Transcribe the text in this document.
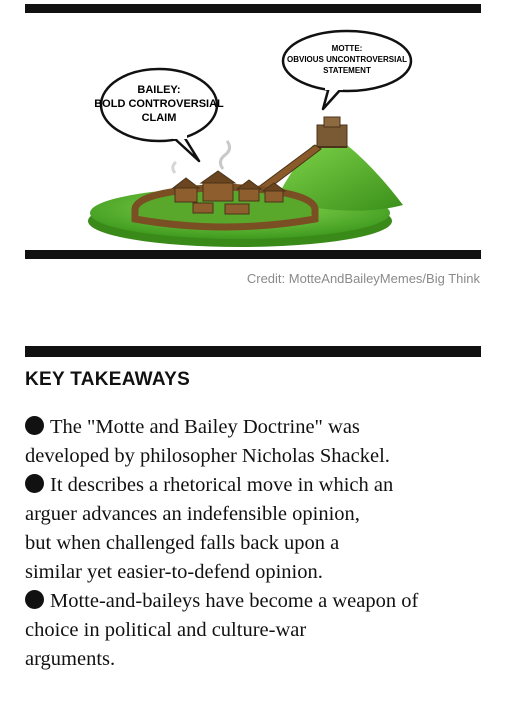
BAILEY:
BOLD CONTROVERSIAL
CLAIM
MOTTE:
OBVIOUS UNCONTROVERSIAL
STATEMENT
Credit: MotteAndBaileyMemes/Big Think
KEY TAKEAWAYS
The "Motte and Bailey Doctrine" was
developed by philosopher Nicholas Shackel.
It describes a rhetorical move in which an
arguer advances an indefensible opinion,
but when challenged falls back upon a
similar yet easier-to-defend opinion.
Motte-and-baileys have become a weapon of
choice in political and culture-war
arguments.
